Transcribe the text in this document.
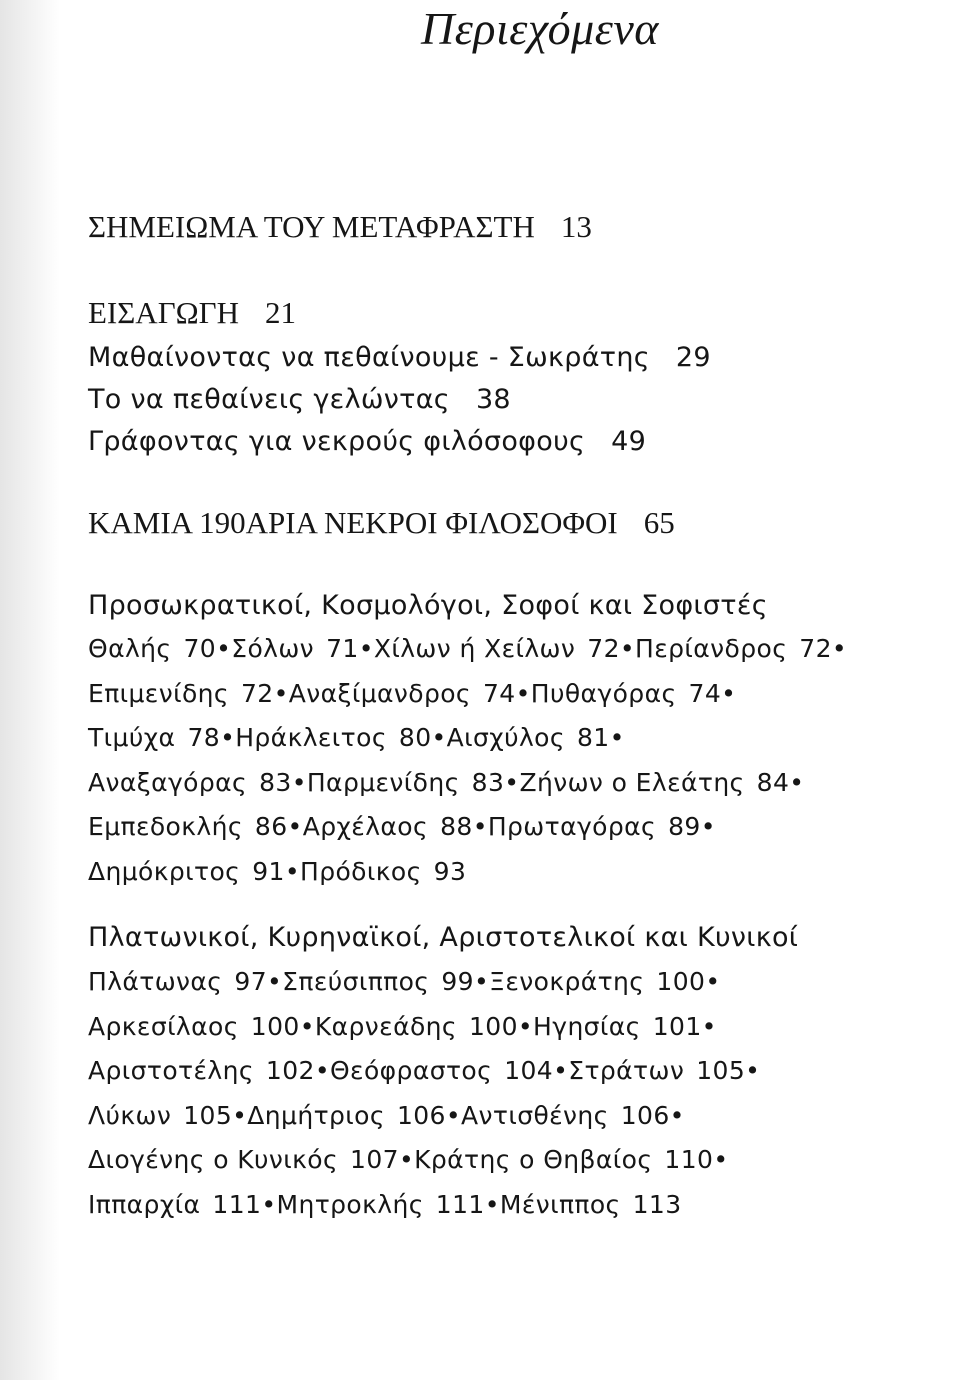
Περιεχόμενα
ΣΗΜΕΙΩΜΑ ΤΟΥ ΜΕΤΑΦΡΑΣΤΗ 13
ΕΙΣΑΓΩΓΗ 21
Μαθαίνοντας να πεθαίνουμε - Σωκράτης 29
Το να πεθαίνεις γελώντας 38
Γράφοντας για νεκρούς φιλόσοφους 49
ΚΑΜΙΑ 190ΑΡΙΑ ΝΕΚΡΟΙ ΦΙΛΟΣΟΦΟΙ 65
Προσωκρατικοί, Κοσμολόγοι, Σοφοί και Σοφιστές
Θαλής 70•Σόλων 71•Χίλων ή Χείλων 72•Περίανδρος 72•
Επιμενίδης 72•Αναξίμανδρος 74•Πυθαγόρας 74•
Τιμύχα 78•Ηράκλειτος 80•Αισχύλος 81•
Αναξαγόρας 83•Παρμενίδης 83•Ζήνων ο Ελεάτης 84•
Εμπεδοκλής 86•Αρχέλαος 88•Πρωταγόρας 89•
Δημόκριτος 91•Πρόδικος 93
Πλατωνικοί, Κυρηναϊκοί, Αριστοτελικοί και Κυνικοί
Πλάτωνας 97•Σπεύσιππος 99•Ξενοκράτης 100•
Αρκεσίλαος 100•Καρνεάδης 100•Ηγησίας 101•
Αριστοτέλης 102•Θεόφραστος 104•Στράτων 105•
Λύκων 105•Δημήτριος 106•Αντισθένης 106•
Διογένης ο Κυνικός 107•Κράτης ο Θηβαίος 110•
Ιππαρχία 111•Μητροκλής 111•Μένιππος 113
